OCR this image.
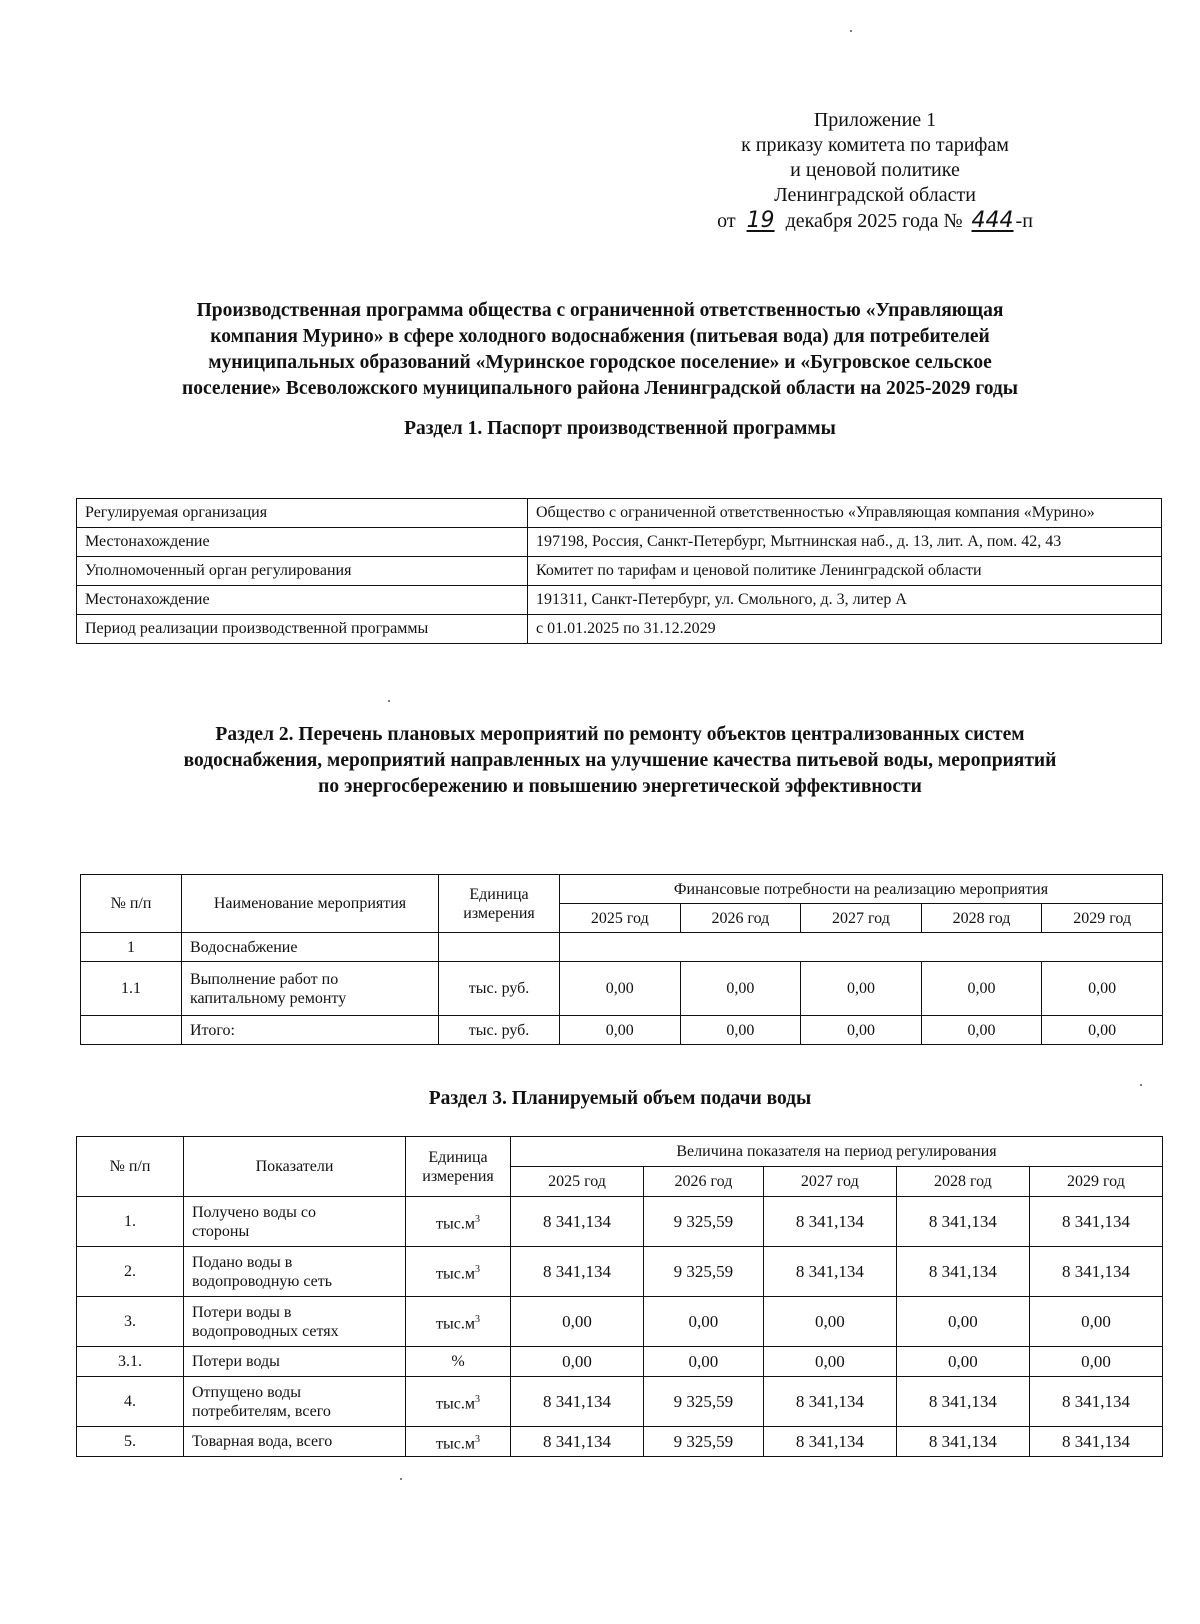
Приложение 1
к приказу комитета по тарифам
и ценовой политике
Ленинградской области
от 19 декабря 2025 года № 444 -п
Производственная программа общества с ограниченной ответственностью «Управляющая
компания Мурино» в сфере холодного водоснабжения (питьевая вода) для потребителей
муниципальных образований «Муринское городское поселение» и «Бугровское сельское
поселение» Всеволожского муниципального района Ленинградской области на 2025-2029 годы
Раздел 1. Паспорт производственной программы
Регулируемая организация	Общество с ограниченной ответственностью «Управляющая компания «Мурино»
Местонахождение	197198, Россия, Санкт-Петербург, Мытнинская наб., д. 13, лит. А, пом. 42, 43
Уполномоченный орган регулирования	Комитет по тарифам и ценовой политике Ленинградской области
Местонахождение	191311, Санкт-Петербург, ул. Смольного, д. 3, литер А
Период реализации производственной программы	с 01.01.2025 по 31.12.2029
Раздел 2. Перечень плановых мероприятий по ремонту объектов централизованных систем
водоснабжения, мероприятий направленных на улучшение качества питьевой воды, мероприятий
по энергосбережению и повышению энергетической эффективности
№ п/п	Наименование мероприятия	Единица
измерения	Финансовые потребности на реализацию мероприятия				
			2025 год	2026 год	2027 год	2028 год	2029 год
1	Водоснабжение						
1.1	Выполнение работ по
капитальному ремонту	тыс. руб.	0,00	0,00	0,00	0,00	0,00
	Итого:	тыс. руб.	0,00	0,00	0,00	0,00	0,00
Раздел 3. Планируемый объем подачи воды
№ п/п	Показатели	Единица
измерения	Величина показателя на период регулирования				
			2025 год	2026 год	2027 год	2028 год	2029 год
1.	Получено воды со
стороны	$тыс.м^3$	8 341,134	9 325,59	8 341,134	8 341,134	8 341,134
2.	Подано воды в
водопроводную сеть	$тыс.м^3$	8 341,134	9 325,59	8 341,134	8 341,134	8 341,134
3.	Потери воды в
водопроводных сетях	$тыс.м^3$	0,00	0,00	0,00	0,00	0,00
3.1.	Потери воды	%	0,00	0,00	0,00	0,00	0,00
4.	Отпущено воды
потребителям, всего	$тыс.м^3$	8 341,134	9 325,59	8 341,134	8 341,134	8 341,134
5.	Товарная вода, всего	$тыс.м^3$	8 341,134	9 325,59	8 341,134	8 341,134	8 341,134
